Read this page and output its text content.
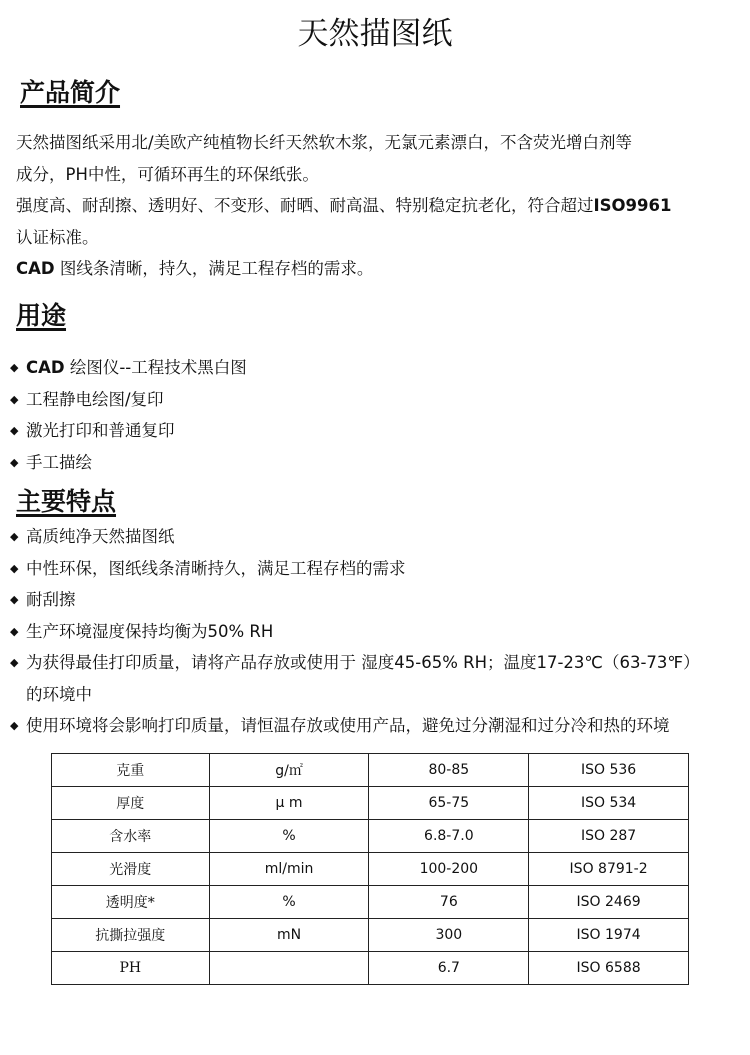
天然描图纸
产品简介

天然描图纸采用北/美欧产纯植物长纤天然软木浆，无氯元素漂白，不含荧光增白剂等

成分，PH中性，可循环再生的环保纸张。

强度高、耐刮擦、透明好、不变形、耐晒、耐高温、特别稳定抗老化，符合超过ISO9961

认证标准。

CAD 图线条清晰，持久，满足工程存档的需求。

用途
◆ CAD 绘图仪--工程技术黑白图
◆ 工程静电绘图/复印
◆ 激光打印和普通复印
◆ 手工描绘
主要特点
◆ 高质纯净天然描图纸
◆ 中性环保，图纸线条清晰持久，满足工程存档的需求
◆ 耐刮擦
◆ 生产环境湿度保持均衡为50% RH
◆ 为获得最佳打印质量，请将产品存放或使用于 湿度45-65% RH；温度17-23℃（63-73℉）
的环境中
◆ 使用环境将会影响打印质量，请恒温存放或使用产品，避免过分潮湿和过分冷和热的环境
克重	g/㎡	80-85	ISO 536
厚度	μ m	65-75	ISO 534
含水率	%	6.8-7.0	ISO 287
光滑度	ml/min	100-200	ISO 8791-2
透明度*	%	76	ISO 2469
抗撕拉强度	mN	300	ISO 1974
PH		6.7	ISO 6588
